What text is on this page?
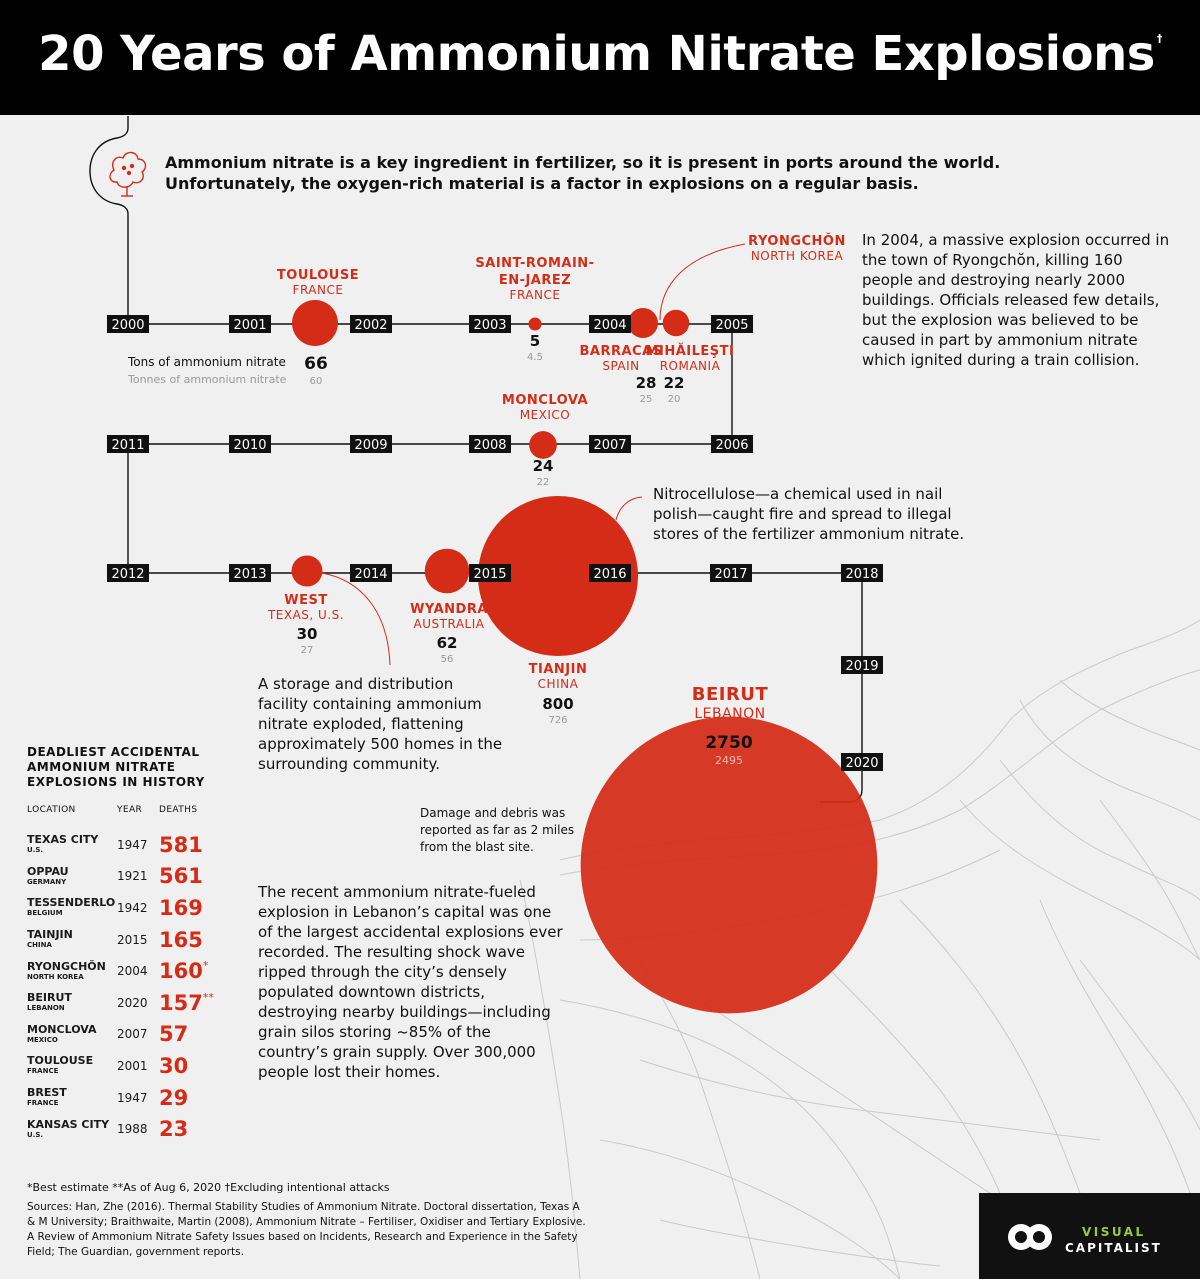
20 Years of Ammonium Nitrate Explosions †
2000	2001	2002	2003	2004	2005
2006
2007
2008
2009
2010
2011
2012	2013	2014	2015	2016	2017	2018
2019
2020
TOULOUSE
FRANCE
66
60
SAINT-ROMAIN-
EN-JAREZ
FRANCE
5
4.5	BARRACAS
SPAIN
28
25
RYONGCHŎN
NORTH KOREA
MIHĂILEŞTI
ROMANIA
22
20
MONCLOVA
MEXICO
24
22
WEST
TEXAS, U.S.
30
27
WYANDRA
AUSTRALIA
62
56
TIANJIN
CHINA
800
726
BEIRUT
LEBANON
2750
2495
Ammonium nitrate is a key ingredient in fertilizer, so it is present in ports around the world.
Unfortunately, the oxygen-rich material is a factor in explosions on a regular basis.
Tons of ammonium nitrate
Tonnes of ammonium nitrate
In 2004, a massive explosion occurred in the town of Ryongchŏn, killing 160 people and destroying nearly 2000 buildings. Officials released few details, but the explosion was believed to be caused in part by ammonium nitrate which ignited during a train collision.
Nitrocellulose—a chemical used in nail polish—caught fire and spread to illegal stores of the fertilizer ammonium nitrate.
A storage and distribution facility containing ammonium nitrate exploded, flattening approximately 500 homes in the surrounding community.
Damage and debris was reported as far as 2 miles from the blast site.
The recent ammonium nitrate-fueled explosion in Lebanon’s capital was one of the largest accidental explosions ever recorded. The resulting shock wave ripped through the city’s densely populated downtown districts, destroying nearby buildings—including grain silos storing ~85% of the country’s grain supply. Over 300,000 people lost their homes.
DEADLIEST ACCIDENTAL AMMONIUM NITRATE EXPLOSIONS IN HISTORY
LOCATION	YEAR	DEATHS

TEXAS CITY
U.S.	1947	581

OPPAU
GERMANY	1921	561

TESSENDERLO
BELGIUM	1942	169

TAINJIN
CHINA	2015	165

RYONGCHŎN
NORTH KOREA	2004	160*

BEIRUT
LEBANON	2020	157**

MONCLOVA
MEXICO	2007	57

TOULOUSE
FRANCE	2001	30

BREST
FRANCE	1947	29

KANSAS CITY
U.S.	1988	23
*Best estimate **As of Aug 6, 2020 †Excluding intentional attacks
Sources: Han, Zhe (2016). Thermal Stability Studies of Ammonium Nitrate. Doctoral dissertation, Texas A & M University; Braithwaite, Martin (2008), Ammonium Nitrate – Fertiliser, Oxidiser and Tertiary Explosive. A Review of Ammonium Nitrate Safety Issues based on Incidents, Research and Experience in the Safety Field; The Guardian, government reports.
VISUAL
CAPITALIST
